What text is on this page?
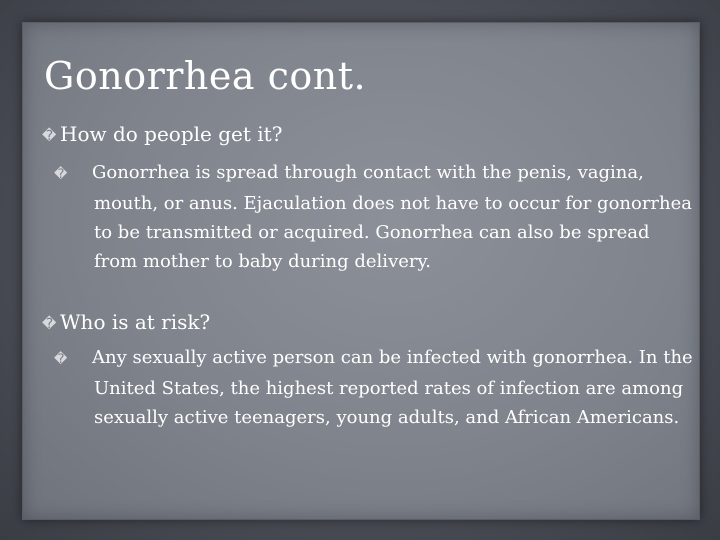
Gonorrhea cont.
� How do people get it?
� Gonorrhea is spread through contact with the penis, vagina, mouth, or anus. Ejaculation does not have to occur for gonorrhea to be transmitted or acquired. Gonorrhea can also be spread from mother to baby during delivery.
� Who is at risk?
� Any sexually active person can be infected with gonorrhea. In the United States, the highest reported rates of infection are among sexually active teenagers, young adults, and African Americans.
